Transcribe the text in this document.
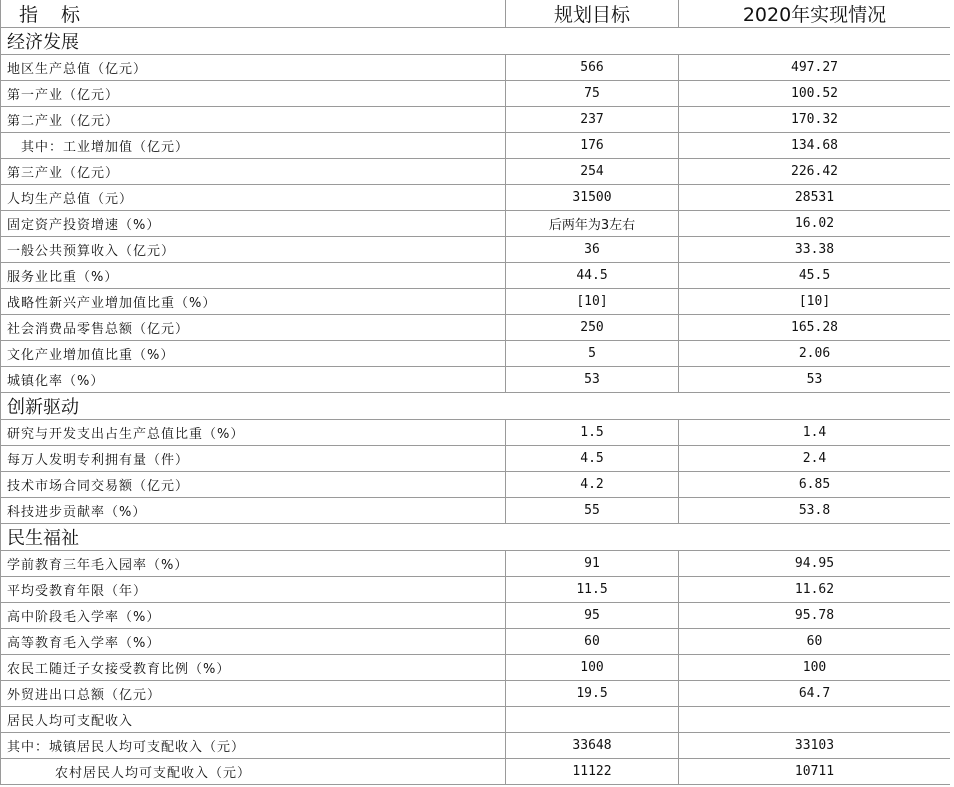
指　标	规划目标	2020年实现情况
经济发展		
地区生产总值（亿元）	566	497.27
第一产业（亿元）	75	100.52
第二产业（亿元）	237	170.32
其中：工业增加值（亿元）	176	134.68
第三产业（亿元）	254	226.42
人均生产总值（元）	31500	28531
固定资产投资增速（%）	后两年为3左右	16.02
一般公共预算收入（亿元）	36	33.38
服务业比重（%）	44.5	45.5
战略性新兴产业增加值比重（%）	[10]	[10]
社会消费品零售总额（亿元）	250	165.28
文化产业增加值比重（%）	5	2.06
城镇化率（%）	53	53
创新驱动		
研究与开发支出占生产总值比重（%）	1.5	1.4
每万人发明专利拥有量（件）	4.5	2.4
技术市场合同交易额（亿元）	4.2	6.85
科技进步贡献率（%）	55	53.8
民生福祉		
学前教育三年毛入园率（%）	91	94.95
平均受教育年限（年）	11.5	11.62
高中阶段毛入学率（%）	95	95.78
高等教育毛入学率（%）	60	60
农民工随迁子女接受教育比例（%）	100	100
外贸进出口总额（亿元）	19.5	64.7
居民人均可支配收入		
其中：城镇居民人均可支配收入（元）	33648	33103
农村居民人均可支配收入（元）	11122	10711
